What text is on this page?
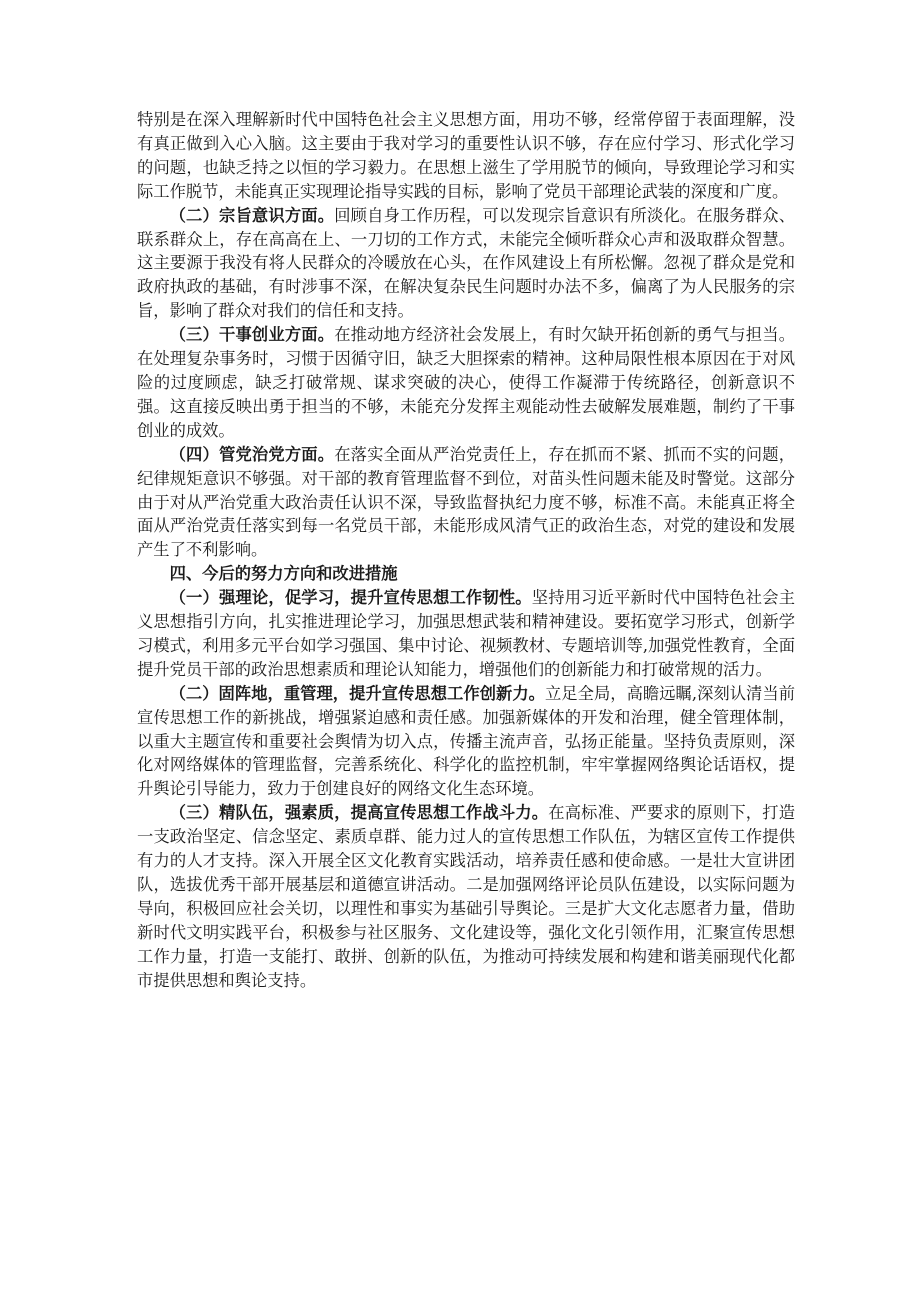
特别是在深入理解新时代中国特色社会主义思想方面，用功不够，经常停留于表面理解，没有真正做到入心入脑。这主要由于我对学习的重要性认识不够，存在应付学习、形式化学习的问题，也缺乏持之以恒的学习毅力。在思想上滋生了学用脱节的倾向，导致理论学习和实际工作脱节，未能真正实现理论指导实践的目标，影响了党员干部理论武装的深度和广度。

（二）宗旨意识方面。回顾自身工作历程，可以发现宗旨意识有所淡化。在服务群众、联系群众上，存在高高在上、一刀切的工作方式，未能完全倾听群众心声和汲取群众智慧。这主要源于我没有将人民群众的冷暖放在心头，在作风建设上有所松懈。忽视了群众是党和政府执政的基础，有时涉事不深，在解决复杂民生问题时办法不多，偏离了为人民服务的宗旨，影响了群众对我们的信任和支持。

（三）干事创业方面。在推动地方经济社会发展上，有时欠缺开拓创新的勇气与担当。在处理复杂事务时，习惯于因循守旧，缺乏大胆探索的精神。这种局限性根本原因在于对风险的过度顾虑，缺乏打破常规、谋求突破的决心，使得工作凝滞于传统路径，创新意识不强。这直接反映出勇于担当的不够，未能充分发挥主观能动性去破解发展难题，制约了干事创业的成效。

（四）管党治党方面。在落实全面从严治党责任上，存在抓而不紧、抓而不实的问题，纪律规矩意识不够强。对干部的教育管理监督不到位，对苗头性问题未能及时警觉。这部分由于对从严治党重大政治责任认识不深，导致监督执纪力度不够，标准不高。未能真正将全面从严治党责任落实到每一名党员干部，未能形成风清气正的政治生态，对党的建设和发展产生了不利影响。

四、今后的努力方向和改进措施

（一）强理论，促学习，提升宣传思想工作韧性。坚持用习近平新时代中国特色社会主义思想指引方向，扎实推进理论学习，加强思想武装和精神建设。要拓宽学习形式，创新学习模式，利用多元平台如学习强国、集中讨论、视频教材、专题培训等,加强党性教育，全面提升党员干部的政治思想素质和理论认知能力，增强他们的创新能力和打破常规的活力。

（二）固阵地，重管理，提升宣传思想工作创新力。立足全局，高瞻远瞩,深刻认清当前宣传思想工作的新挑战，增强紧迫感和责任感。加强新媒体的开发和治理，健全管理体制，以重大主题宣传和重要社会舆情为切入点，传播主流声音，弘扬正能量。坚持负责原则，深化对网络媒体的管理监督，完善系统化、科学化的监控机制，牢牢掌握网络舆论话语权，提升舆论引导能力，致力于创建良好的网络文化生态环境。

（三）精队伍，强素质，提高宣传思想工作战斗力。在高标准、严要求的原则下，打造一支政治坚定、信念坚定、素质卓群、能力过人的宣传思想工作队伍，为辖区宣传工作提供有力的人才支持。深入开展全区文化教育实践活动，培养责任感和使命感。一是壮大宣讲团队，选拔优秀干部开展基层和道德宣讲活动。二是加强网络评论员队伍建设，以实际问题为导向，积极回应社会关切，以理性和事实为基础引导舆论。三是扩大文化志愿者力量，借助新时代文明实践平台，积极参与社区服务、文化建设等，强化文化引领作用，汇聚宣传思想工作力量，打造一支能打、敢拼、创新的队伍，为推动可持续发展和构建和谐美丽现代化都市提供思想和舆论支持。
